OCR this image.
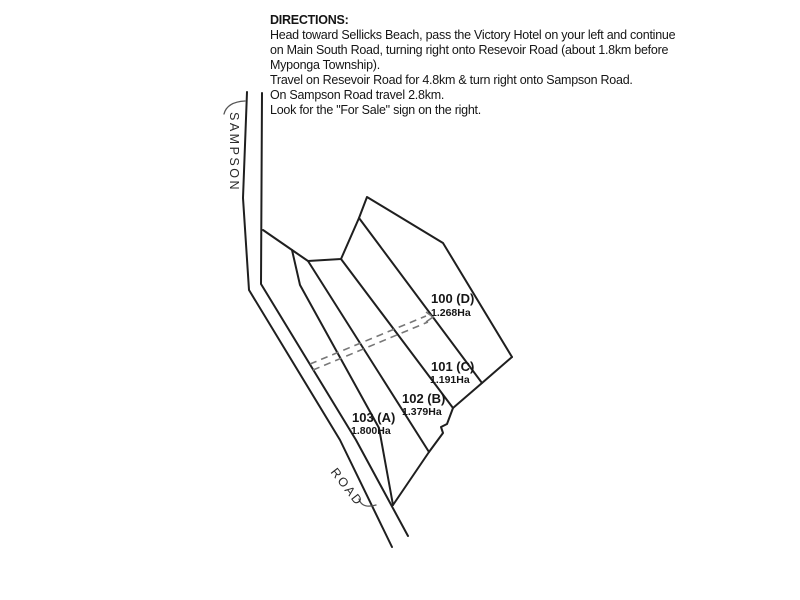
DIRECTIONS:
Head toward Sellicks Beach, pass the Victory Hotel on your left and continue
on Main South Road, turning right onto Resevoir Road (about 1.8km before
Myponga Township).
Travel on Resevoir Road for 4.8km & turn right onto Sampson Road.
On Sampson Road travel 2.8km.
Look for the "For Sale" sign on the right.
SAMPSON
ROAD
100 (D)
1.268Ha
101 (C)
1.191Ha
102 (B)
1.379Ha
103 (A)
1.800Ha
